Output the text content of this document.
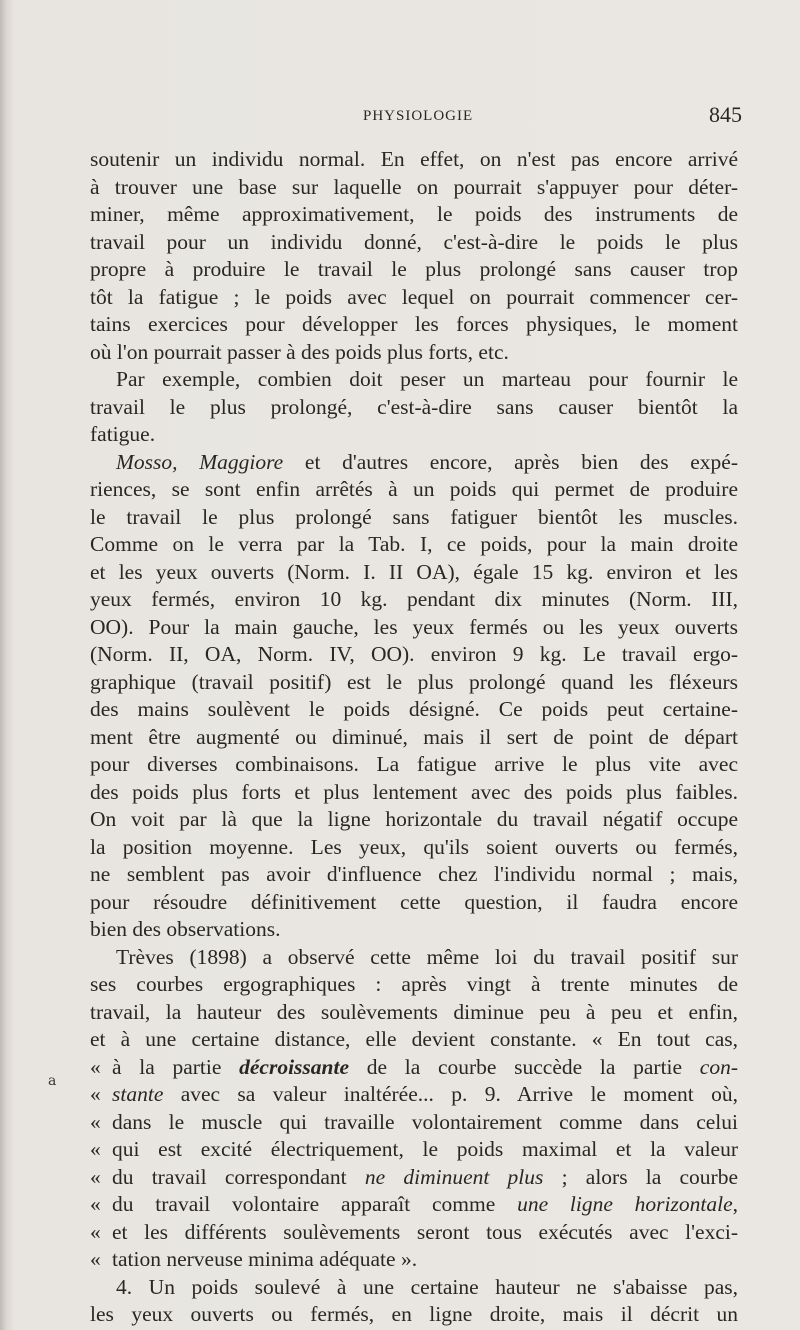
PHYSIOLOGIE	845
a
soutenir un individu normal. En effet, on n'est pas encore arrivé
à trouver une base sur laquelle on pourrait s'appuyer pour déter-
miner, même approximativement, le poids des instruments de
travail pour un individu donné, c'est-à-dire le poids le plus
propre à produire le travail le plus prolongé sans causer trop
tôt la fatigue ; le poids avec lequel on pourrait commencer cer-
tains exercices pour développer les forces physiques, le moment
où l'on pourrait passer à des poids plus forts, etc.
Par exemple, combien doit peser un marteau pour fournir le
travail le plus prolongé, c'est-à-dire sans causer bientôt la
fatigue.
Mosso, Maggiore et d'autres encore, après bien des expé-
riences, se sont enfin arrêtés à un poids qui permet de produire
le travail le plus prolongé sans fatiguer bientôt les muscles.
Comme on le verra par la Tab. I, ce poids, pour la main droite
et les yeux ouverts (Norm. I. II OA), égale 15 kg. environ et les
yeux fermés, environ 10 kg. pendant dix minutes (Norm. III,
OO). Pour la main gauche, les yeux fermés ou les yeux ouverts
(Norm. II, OA, Norm. IV, OO). environ 9 kg. Le travail ergo-
graphique (travail positif) est le plus prolongé quand les fléxeurs
des mains soulèvent le poids désigné. Ce poids peut certaine-
ment être augmenté ou diminué, mais il sert de point de départ
pour diverses combinaisons. La fatigue arrive le plus vite avec
des poids plus forts et plus lentement avec des poids plus faibles.
On voit par là que la ligne horizontale du travail négatif occupe
la position moyenne. Les yeux, qu'ils soient ouverts ou fermés,
ne semblent pas avoir d'influence chez l'individu normal ; mais,
pour résoudre définitivement cette question, il faudra encore
bien des observations.
Trèves (1898) a observé cette même loi du travail positif sur
ses courbes ergographiques : après vingt à trente minutes de
travail, la hauteur des soulèvements diminue peu à peu et enfin,
et à une certaine distance, elle devient constante. « En tout cas,
« à la partie décroissante de la courbe succède la partie con-
« stante avec sa valeur inaltérée... p. 9. Arrive le moment où,
« dans le muscle qui travaille volontairement comme dans celui
« qui est excité électriquement, le poids maximal et la valeur
« du travail correspondant ne diminuent plus ; alors la courbe
« du travail volontaire apparaît comme une ligne horizontale,
« et les différents soulèvements seront tous exécutés avec l'exci-
« tation nerveuse minima adéquate ».
4. Un poids soulevé à une certaine hauteur ne s'abaisse pas,
les yeux ouverts ou fermés, en ligne droite, mais il décrit un
